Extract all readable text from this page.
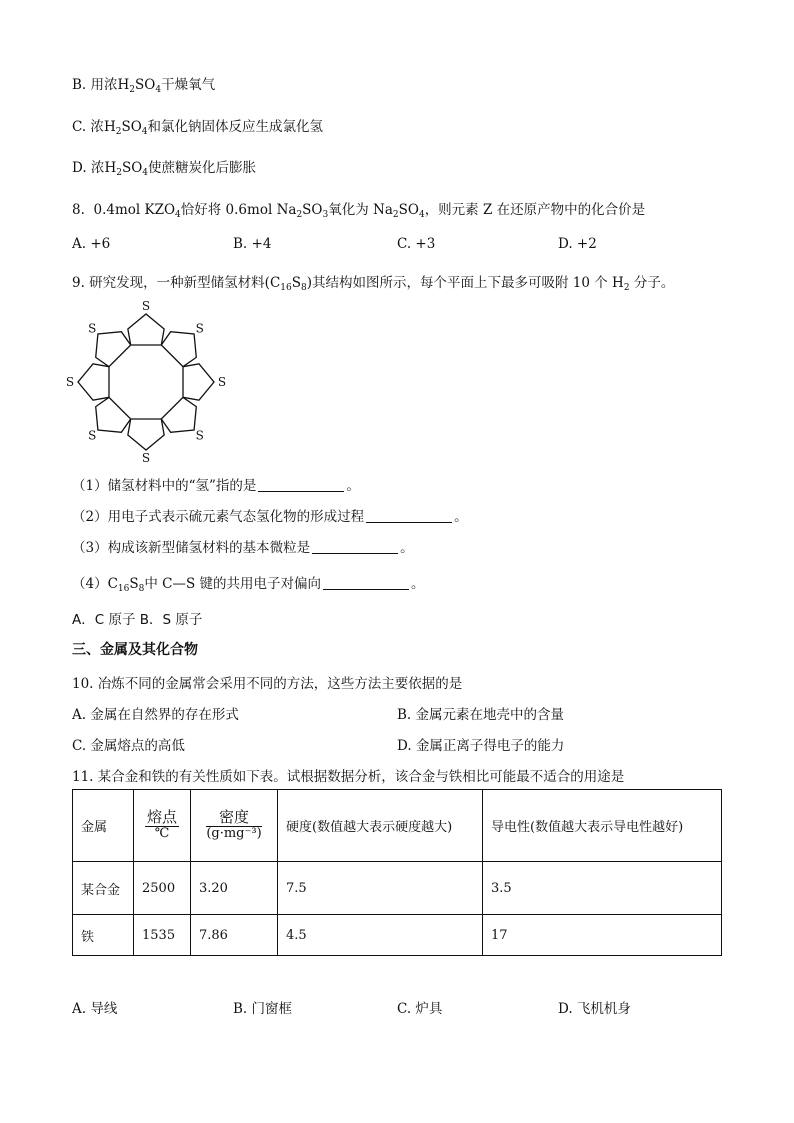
B. 用浓$H_2SO_4$干燥氧气
C. 浓$H_2SO_4$和氯化钠固体反应生成氯化氢
D. 浓$H_2SO_4$使蔗糖炭化后膨胀
8. 0.4mol $KZO_4$恰好将 0.6mol $Na_2SO_3$氧化为 $Na_2SO_4$，则元素 Z 在还原产物中的化合价是
A. +6	B. +4	C. +3	D. +2
9. 研究发现，一种新型储氢材料$(C_{16}S_8)$其结构如图所示，每个平面上下最多可吸附 10 个 $H_2$ 分子。
S
S
S
S
S
S
S
S
（1）储氢材料中的“氢”指的是	。
（2）用电子式表示硫元素气态氢化物的形成过程	。
（3）构成该新型储氢材料的基本微粒是	。
$(4)C_{16}S_8$中 C—S 键的共用电子对偏向	。
A．C 原子 B．S 原子
三、金属及其化合物
10. 冶炼不同的金属常会采用不同的方法，这些方法主要依据的是
A. 金属在自然界的存在形式	B. 金属元素在地壳中的含量
C. 金属熔点的高低	D. 金属正离子得电子的能力
11. 某合金和铁的有关性质如下表。试根据数据分析，该合金与铁相比可能最不适合的用途是
金属	$\frac{\text{熔点}}{℃}$	$\frac{\text{密度}}{\text{(g·mg⁻³)}}$	硬度(数值越大表示硬度越大)	导电性(数值越大表示导电性越好)
某合金	2500	3.20	7.5	3.5
铁	1535	7.86	4.5	17
A. 导线	B. 门窗框	C. 炉具	D. 飞机机身
